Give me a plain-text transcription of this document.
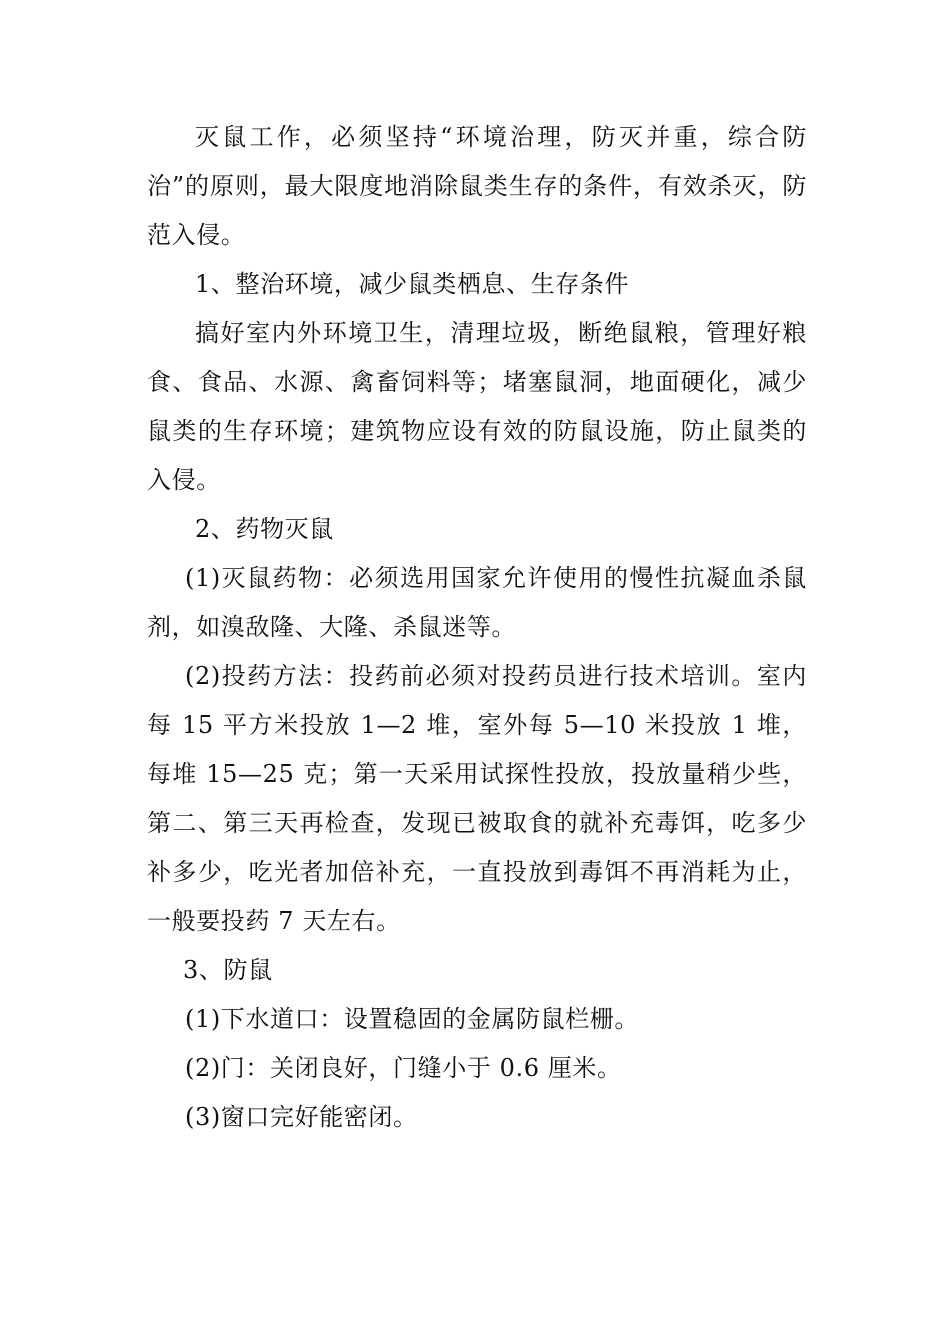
灭鼠工作，必须坚持“环境治理，防灭并重，综合防治”的原则，最大限度地消除鼠类生存的条件，有效杀灭，防范入侵。

1、整治环境，减少鼠类栖息、生存条件

搞好室内外环境卫生，清理垃圾，断绝鼠粮，管理好粮食、食品、水源、禽畜饲料等；堵塞鼠洞，地面硬化，减少鼠类的生存环境；建筑物应设有效的防鼠设施，防止鼠类的入侵。

2、药物灭鼠

(1)灭鼠药物：必须选用国家允许使用的慢性抗凝血杀鼠剂，如溴敌隆、大隆、杀鼠迷等。

(2)投药方法：投药前必须对投药员进行技术培训。室内每 15 平方米投放 1—2 堆，室外每 5—10 米投放 1 堆，每堆 15—25 克；第一天采用试探性投放，投放量稍少些，第二、第三天再检查，发现已被取食的就补充毒饵，吃多少补多少，吃光者加倍补充，一直投放到毒饵不再消耗为止，一般要投药 7 天左右。

3、防鼠

(1)下水道口：设置稳固的金属防鼠栏栅。

(2)门：关闭良好，门缝小于 0.6 厘米。

(3)窗口完好能密闭。
